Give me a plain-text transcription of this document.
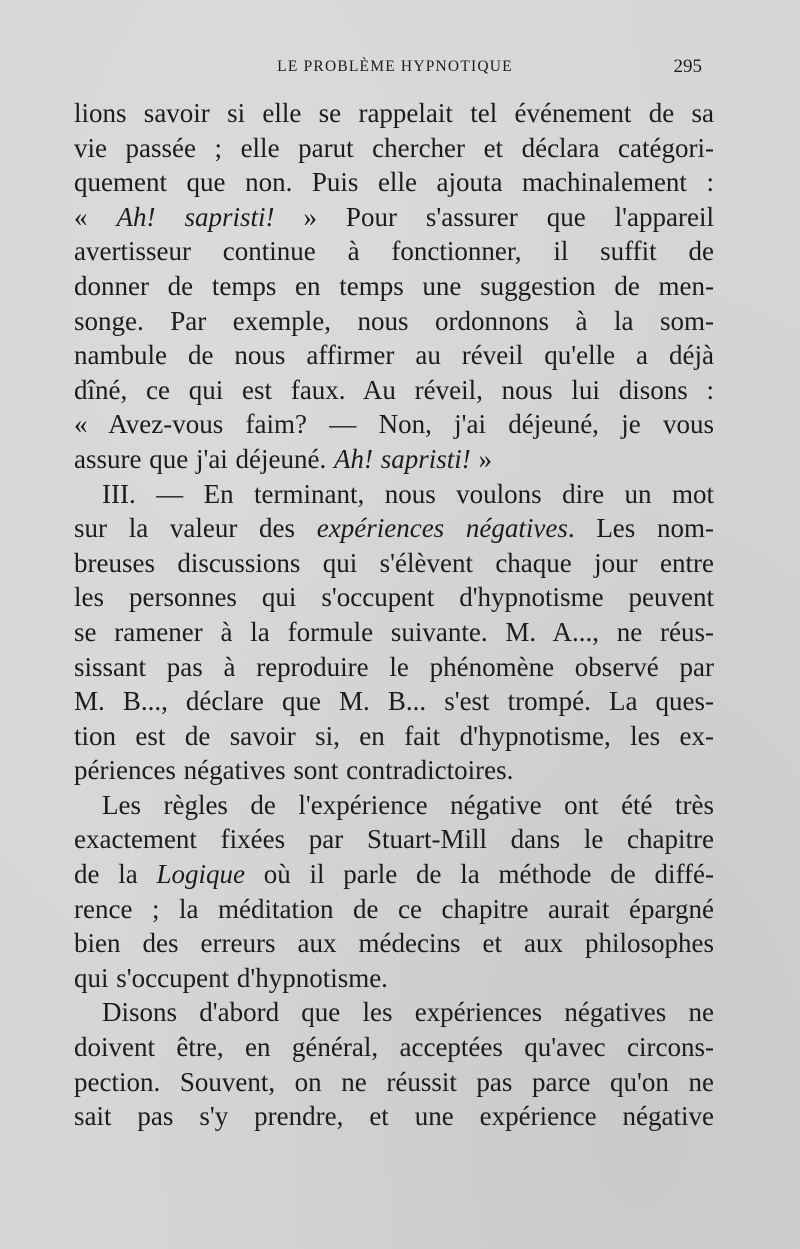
LE PROBLÈME HYPNOTIQUE	295
lions savoir si elle se rappelait tel événement de sa
vie passée ; elle parut chercher et déclara catégori-
quement que non. Puis elle ajouta machinalement :
« Ah! sapristi! » Pour s'assurer que l'appareil
avertisseur continue à fonctionner, il suffit de
donner de temps en temps une suggestion de men-
songe. Par exemple, nous ordonnons à la som-
nambule de nous affirmer au réveil qu'elle a déjà
dîné, ce qui est faux. Au réveil, nous lui disons :
« Avez-vous faim? — Non, j'ai déjeuné, je vous
assure que j'ai déjeuné. Ah! sapristi! »
III. — En terminant, nous voulons dire un mot
sur la valeur des expériences négatives. Les nom-
breuses discussions qui s'élèvent chaque jour entre
les personnes qui s'occupent d'hypnotisme peuvent
se ramener à la formule suivante. M. A..., ne réus-
sissant pas à reproduire le phénomène observé par
M. B..., déclare que M. B... s'est trompé. La ques-
tion est de savoir si, en fait d'hypnotisme, les ex-
périences négatives sont contradictoires.
Les règles de l'expérience négative ont été très
exactement fixées par Stuart-Mill dans le chapitre
de la Logique où il parle de la méthode de diffé-
rence ; la méditation de ce chapitre aurait épargné
bien des erreurs aux médecins et aux philosophes
qui s'occupent d'hypnotisme.
Disons d'abord que les expériences négatives ne
doivent être, en général, acceptées qu'avec circons-
pection. Souvent, on ne réussit pas parce qu'on ne
sait pas s'y prendre, et une expérience négative
